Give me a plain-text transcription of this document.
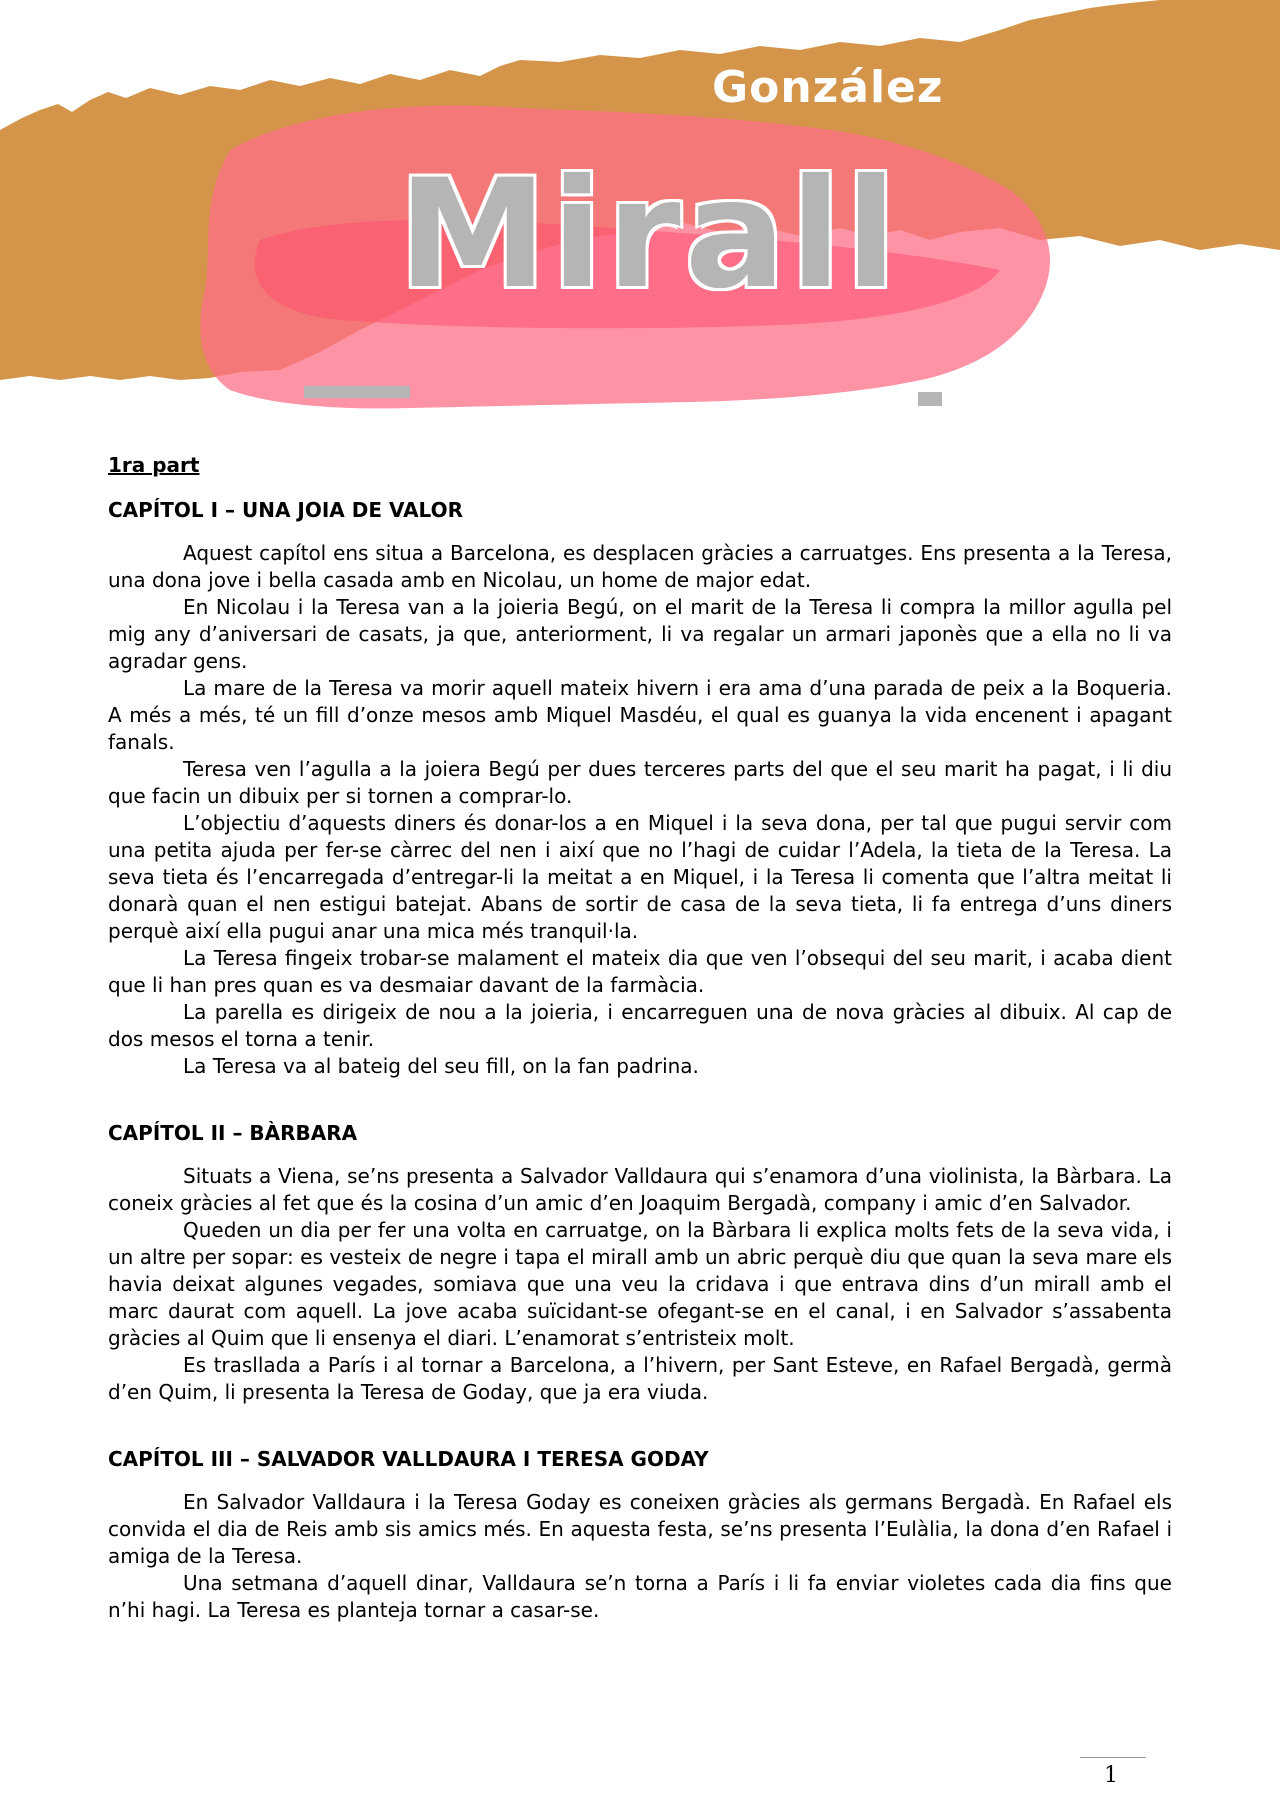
González
Mirall
1ra part
CAPÍTOL I – UNA JOIA DE VALOR

Aquest capítol ens situa a Barcelona, es desplacen gràcies a carruatges. Ens presenta a la Teresa, una dona jove i bella casada amb en Nicolau, un home de major edat.

En Nicolau i la Teresa van a la joieria Begú, on el marit de la Teresa li compra la millor agulla pel mig any d’aniversari de casats, ja que, anteriorment, li va regalar un armari japonès que a ella no li va agradar gens.

La mare de la Teresa va morir aquell mateix hivern i era ama d’una parada de peix a la Boqueria. A més a més, té un fill d’onze mesos amb Miquel Masdéu, el qual es guanya la vida encenent i apagant fanals.

Teresa ven l’agulla a la joiera Begú per dues terceres parts del que el seu marit ha pagat, i li diu que facin un dibuix per si tornen a comprar-lo.

L’objectiu d’aquests diners és donar-los a en Miquel i la seva dona, per tal que pugui servir com una petita ajuda per fer-se càrrec del nen i així que no l’hagi de cuidar l’Adela, la tieta de la Teresa. La seva tieta és l’encarregada d’entregar-li la meitat a en Miquel, i la Teresa li comenta que l’altra meitat li donarà quan el nen estigui batejat. Abans de sortir de casa de la seva tieta, li fa entrega d’uns diners perquè així ella pugui anar una mica més tranquil·la.

La Teresa fingeix trobar-se malament el mateix dia que ven l’obsequi del seu marit, i acaba dient que li han pres quan es va desmaiar davant de la farmàcia.

La parella es dirigeix de nou a la joieria, i encarreguen una de nova gràcies al dibuix. Al cap de dos mesos el torna a tenir.

La Teresa va al bateig del seu fill, on la fan padrina.

CAPÍTOL II – BÀRBARA

Situats a Viena, se’ns presenta a Salvador Valldaura qui s’enamora d’una violinista, la Bàrbara. La coneix gràcies al fet que és la cosina d’un amic d’en Joaquim Bergadà, company i amic d’en Salvador.

Queden un dia per fer una volta en carruatge, on la Bàrbara li explica molts fets de la seva vida, i un altre per sopar: es vesteix de negre i tapa el mirall amb un abric perquè diu que quan la seva mare els havia deixat algunes vegades, somiava que una veu la cridava i que entrava dins d’un mirall amb el marc daurat com aquell. La jove acaba suïcidant-se ofegant-se en el canal, i en Salvador s’assabenta gràcies al Quim que li ensenya el diari. L’enamorat s’entristeix molt.

Es trasllada a París i al tornar a Barcelona, a l’hivern, per Sant Esteve, en Rafael Bergadà, germà d’en Quim, li presenta la Teresa de Goday, que ja era viuda.

CAPÍTOL III – SALVADOR VALLDAURA I TERESA GODAY

En Salvador Valldaura i la Teresa Goday es coneixen gràcies als germans Bergadà. En Rafael els convida el dia de Reis amb sis amics més. En aquesta festa, se’ns presenta l’Eulàlia, la dona d’en Rafael i amiga de la Teresa.

Una setmana d’aquell dinar, Valldaura se’n torna a París i li fa enviar violetes cada dia fins que n’hi hagi. La Teresa es planteja tornar a casar-se.

1
